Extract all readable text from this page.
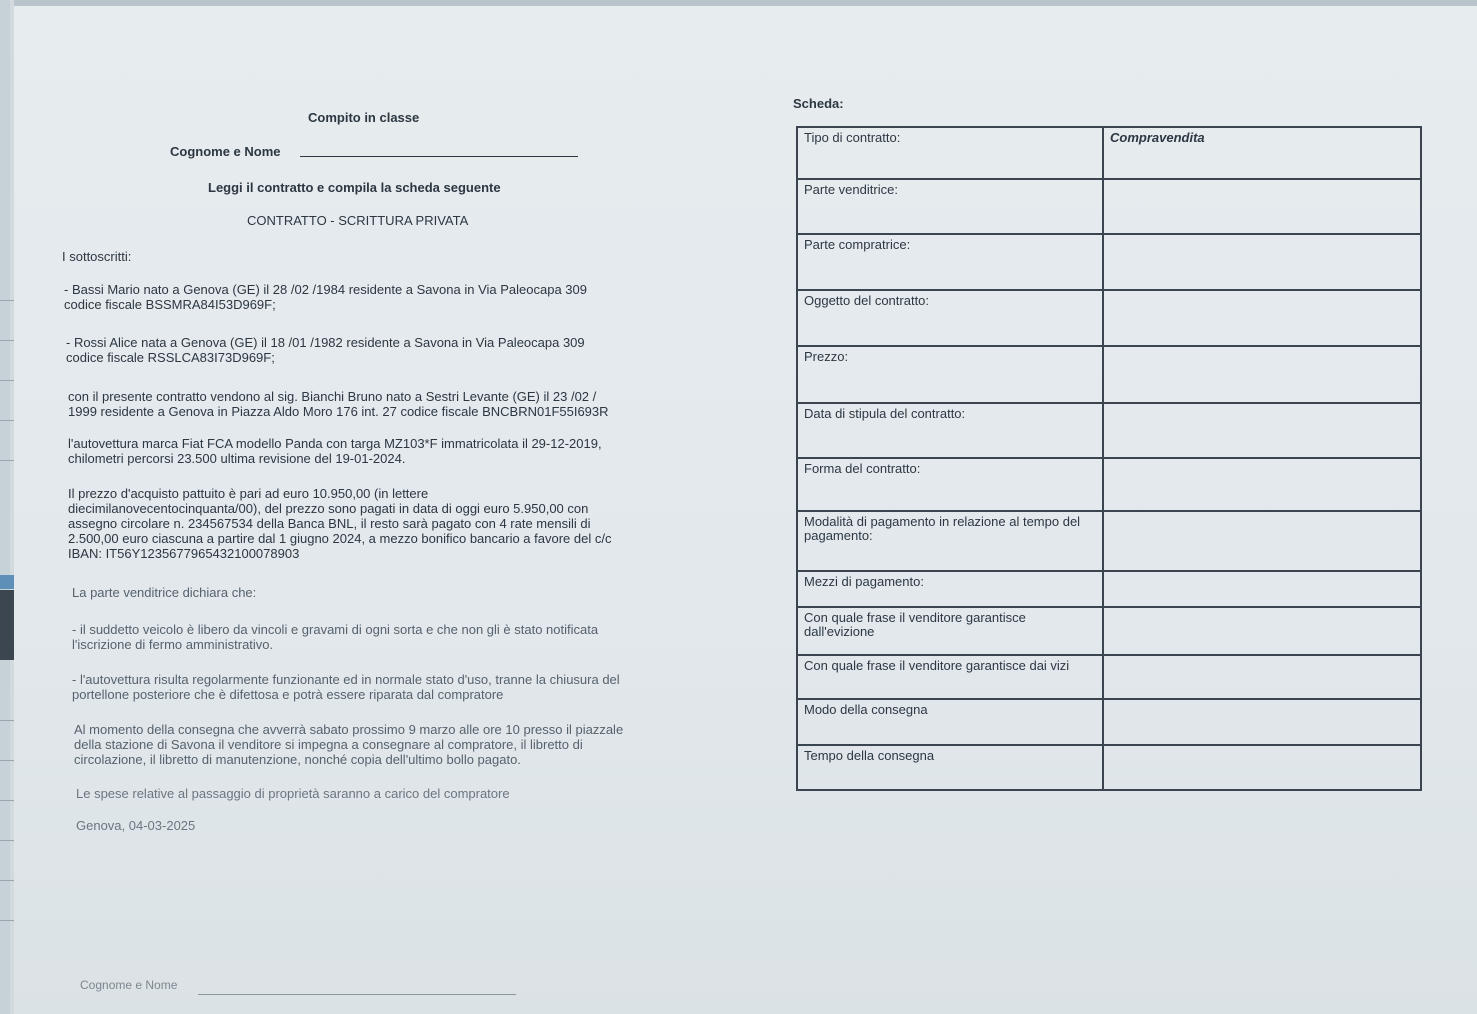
Compito in classe
Cognome e Nome
Leggi il contratto e compila la scheda seguente
CONTRATTO - SCRITTURA PRIVATA
I sottoscritti:
- Bassi Mario nato a Genova (GE) il 28 /02 /1984 residente a Savona in Via Paleocapa 309
codice fiscale BSSMRA84I53D969F;
- Rossi Alice nata a Genova (GE) il 18 /01 /1982 residente a Savona in Via Paleocapa 309
codice fiscale RSSLCA83I73D969F;
con il presente contratto vendono al sig. Bianchi Bruno nato a Sestri Levante (GE) il 23 /02 /
1999 residente a Genova in Piazza Aldo Moro 176 int. 27 codice fiscale BNCBRN01F55I693R
l'autovettura marca Fiat FCA modello Panda con targa MZ103*F immatricolata il 29-12-2019,
chilometri percorsi 23.500 ultima revisione del 19-01-2024.
Il prezzo d'acquisto pattuito è pari ad euro 10.950,00 (in lettere
diecimilanovecentocinquanta/00), del prezzo sono pagati in data di oggi euro 5.950,00 con
assegno circolare n. 234567534 della Banca BNL, il resto sarà pagato con 4 rate mensili di
2.500,00 euro ciascuna a partire dal 1 giugno 2024, a mezzo bonifico bancario a favore del c/c
IBAN: IT56Y1235677965432100078903
La parte venditrice dichiara che:
- il suddetto veicolo è libero da vincoli e gravami di ogni sorta e che non gli è stato notificata
l'iscrizione di fermo amministrativo.
- l'autovettura risulta regolarmente funzionante ed in normale stato d'uso, tranne la chiusura del
portellone posteriore che è difettosa e potrà essere riparata dal compratore
Al momento della consegna che avverrà sabato prossimo 9 marzo alle ore 10 presso il piazzale
della stazione di Savona il venditore si impegna a consegnare al compratore, il libretto di
circolazione, il libretto di manutenzione, nonché copia dell'ultimo bollo pagato.
Le spese relative al passaggio di proprietà saranno a carico del compratore
Genova, 04-03-2025
Scheda:
Tipo di contratto:	Compravendita
Parte venditrice:	
Parte compratrice:	
Oggetto del contratto:	
Prezzo:	
Data di stipula del contratto:	
Forma del contratto:	
Modalità di pagamento in relazione al tempo del pagamento:	
Mezzi di pagamento:	
Con quale frase il venditore garantisce dall'evizione	
Con quale frase il venditore garantisce dai vizi	
Modo della consegna	
Tempo della consegna	
Cognome e Nome
